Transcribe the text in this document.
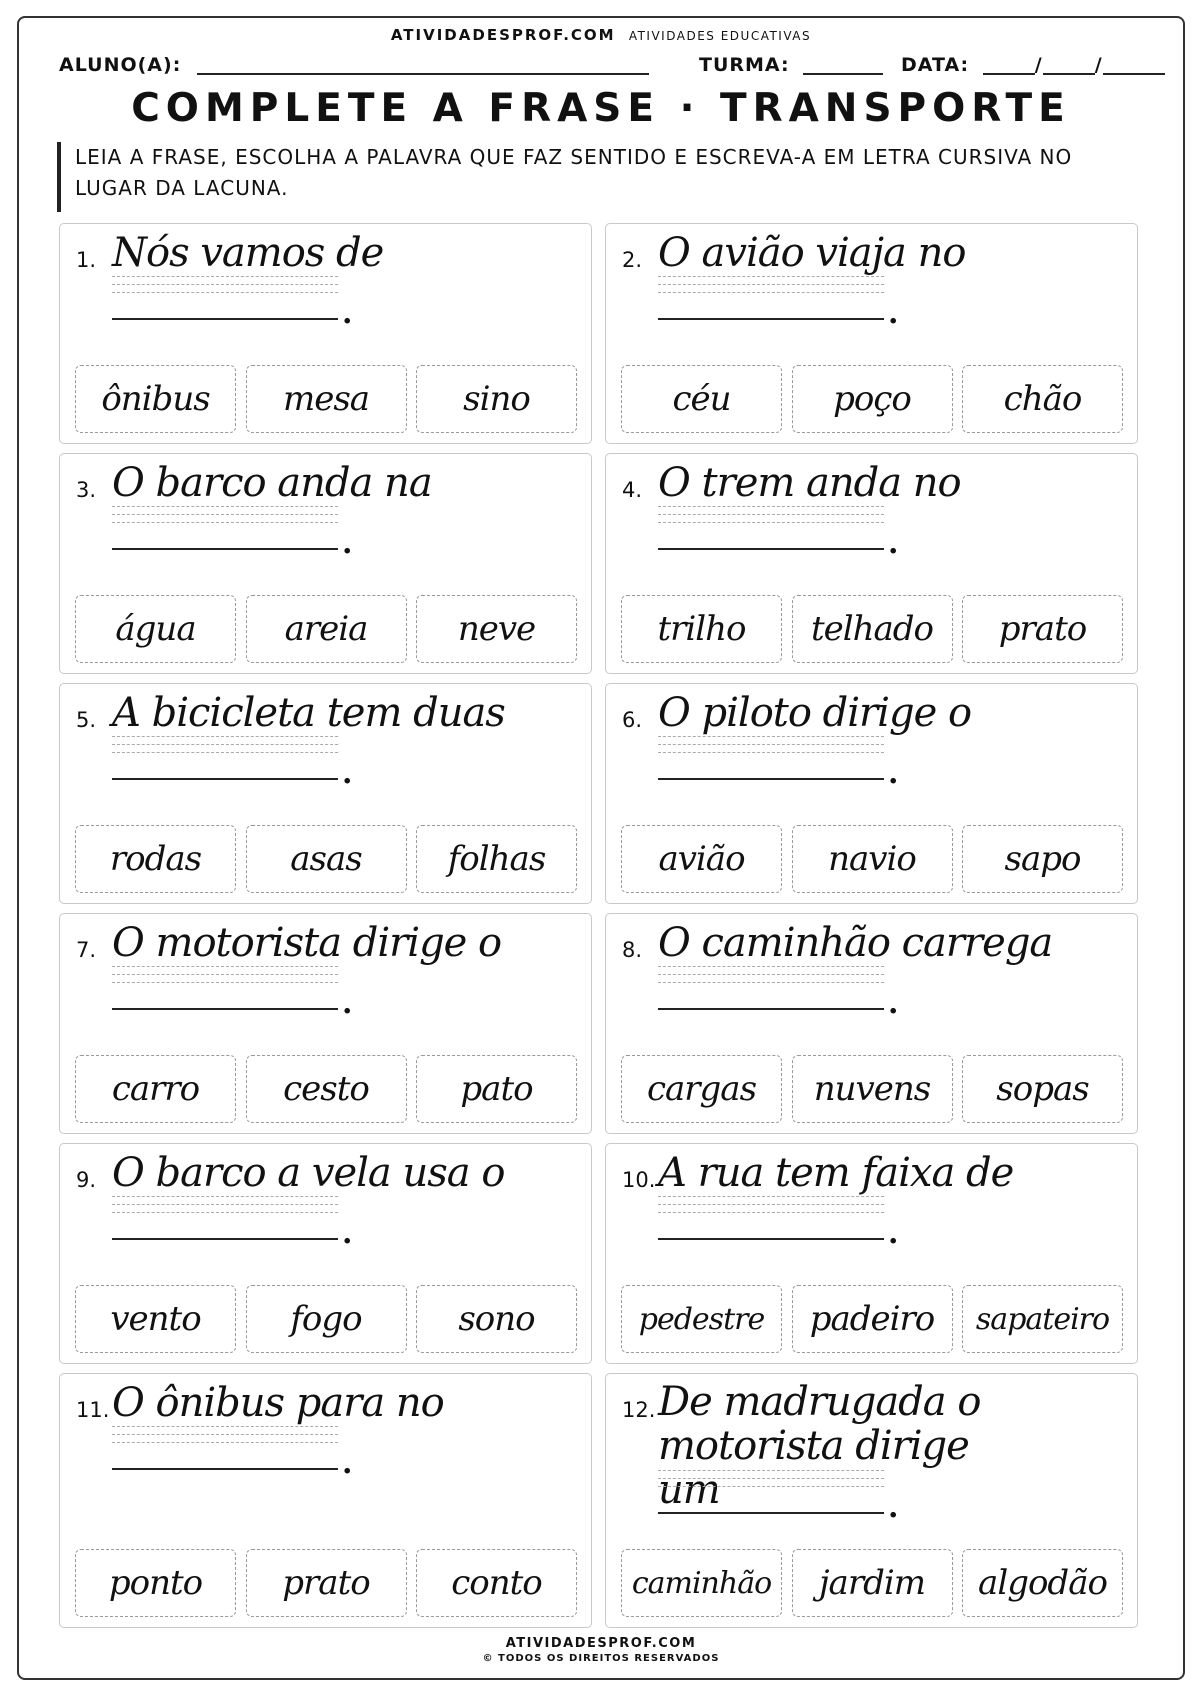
ATIVIDADESPROF.COM ATIVIDADES EDUCATIVAS
ALUNO(A):	TURMA:	DATA:	/	/
COMPLETE A FRASE · TRANSPORTE
LEIA A FRASE, ESCOLHA A PALAVRA QUE FAZ SENTIDO E ESCREVA-A EM LETRA CURSIVA NO LUGAR DA LACUNA.
1. Nós vamos de
.
ônibus	mesa	sino
2. O avião viaja no
.
céu	poço	chão
3. O barco anda na
.
água	areia	neve
4. O trem anda no
.
trilho	telhado	prato
5. A bicicleta tem duas
.
rodas	asas	folhas
6. O piloto dirige o
.
avião	navio	sapo
7. O motorista dirige o
.
carro	cesto	pato
8. O caminhão carrega
.
cargas	nuvens	sopas
9. O barco a vela usa o
.
vento	fogo	sono
10. A rua tem faixa de
.
pedestre	padeiro	sapateiro
11. O ônibus para no
.
ponto	prato	conto
12. De madrugada o motorista dirige um	.
caminhão	jardim	algodão
ATIVIDADESPROF.COM
© TODOS OS DIREITOS RESERVADOS
